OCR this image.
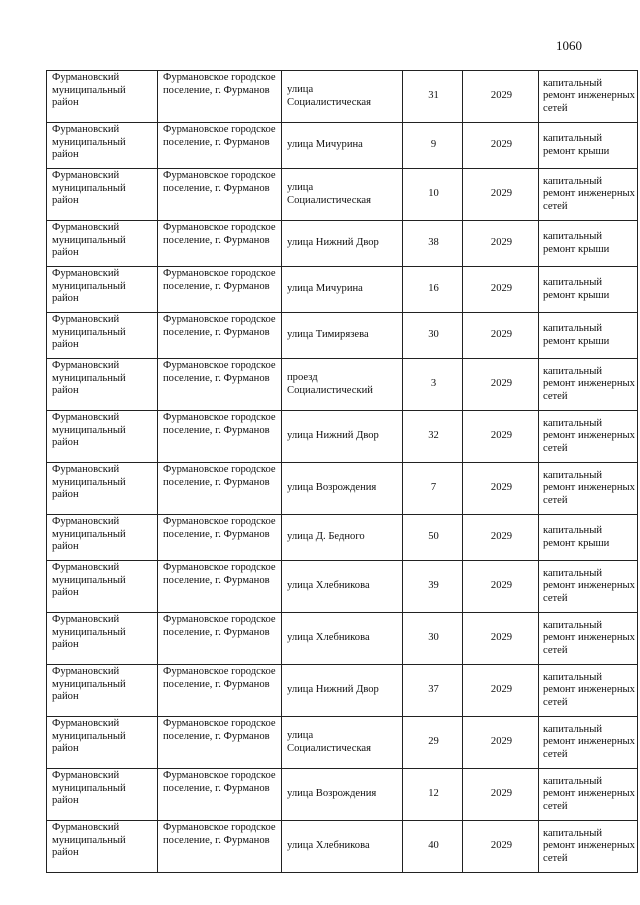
1060
Фурмановский муниципальный район	Фурмановское городское поселение, г. Фурманов	улица Социалистическая	31	2029	капитальный ремонт инженерных сетей
Фурмановский муниципальный район	Фурмановское городское поселение, г. Фурманов	улица Мичурина	9	2029	капитальный ремонт крыши
Фурмановский муниципальный район	Фурмановское городское поселение, г. Фурманов	улица Социалистическая	10	2029	капитальный ремонт инженерных сетей
Фурмановский муниципальный район	Фурмановское городское поселение, г. Фурманов	улица Нижний Двор	38	2029	капитальный ремонт крыши
Фурмановский муниципальный район	Фурмановское городское поселение, г. Фурманов	улица Мичурина	16	2029	капитальный ремонт крыши
Фурмановский муниципальный район	Фурмановское городское поселение, г. Фурманов	улица Тимирязева	30	2029	капитальный ремонт крыши
Фурмановский муниципальный район	Фурмановское городское поселение, г. Фурманов	проезд Социалистический	3	2029	капитальный ремонт инженерных сетей
Фурмановский муниципальный район	Фурмановское городское поселение, г. Фурманов	улица Нижний Двор	32	2029	капитальный ремонт инженерных сетей
Фурмановский муниципальный район	Фурмановское городское поселение, г. Фурманов	улица Возрождения	7	2029	капитальный ремонт инженерных сетей
Фурмановский муниципальный район	Фурмановское городское поселение, г. Фурманов	улица Д. Бедного	50	2029	капитальный ремонт крыши
Фурмановский муниципальный район	Фурмановское городское поселение, г. Фурманов	улица Хлебникова	39	2029	капитальный ремонт инженерных сетей
Фурмановский муниципальный район	Фурмановское городское поселение, г. Фурманов	улица Хлебникова	30	2029	капитальный ремонт инженерных сетей
Фурмановский муниципальный район	Фурмановское городское поселение, г. Фурманов	улица Нижний Двор	37	2029	капитальный ремонт инженерных сетей
Фурмановский муниципальный район	Фурмановское городское поселение, г. Фурманов	улица Социалистическая	29	2029	капитальный ремонт инженерных сетей
Фурмановский муниципальный район	Фурмановское городское поселение, г. Фурманов	улица Возрождения	12	2029	капитальный ремонт инженерных сетей
Фурмановский муниципальный район	Фурмановское городское поселение, г. Фурманов	улица Хлебникова	40	2029	капитальный ремонт инженерных сетей
